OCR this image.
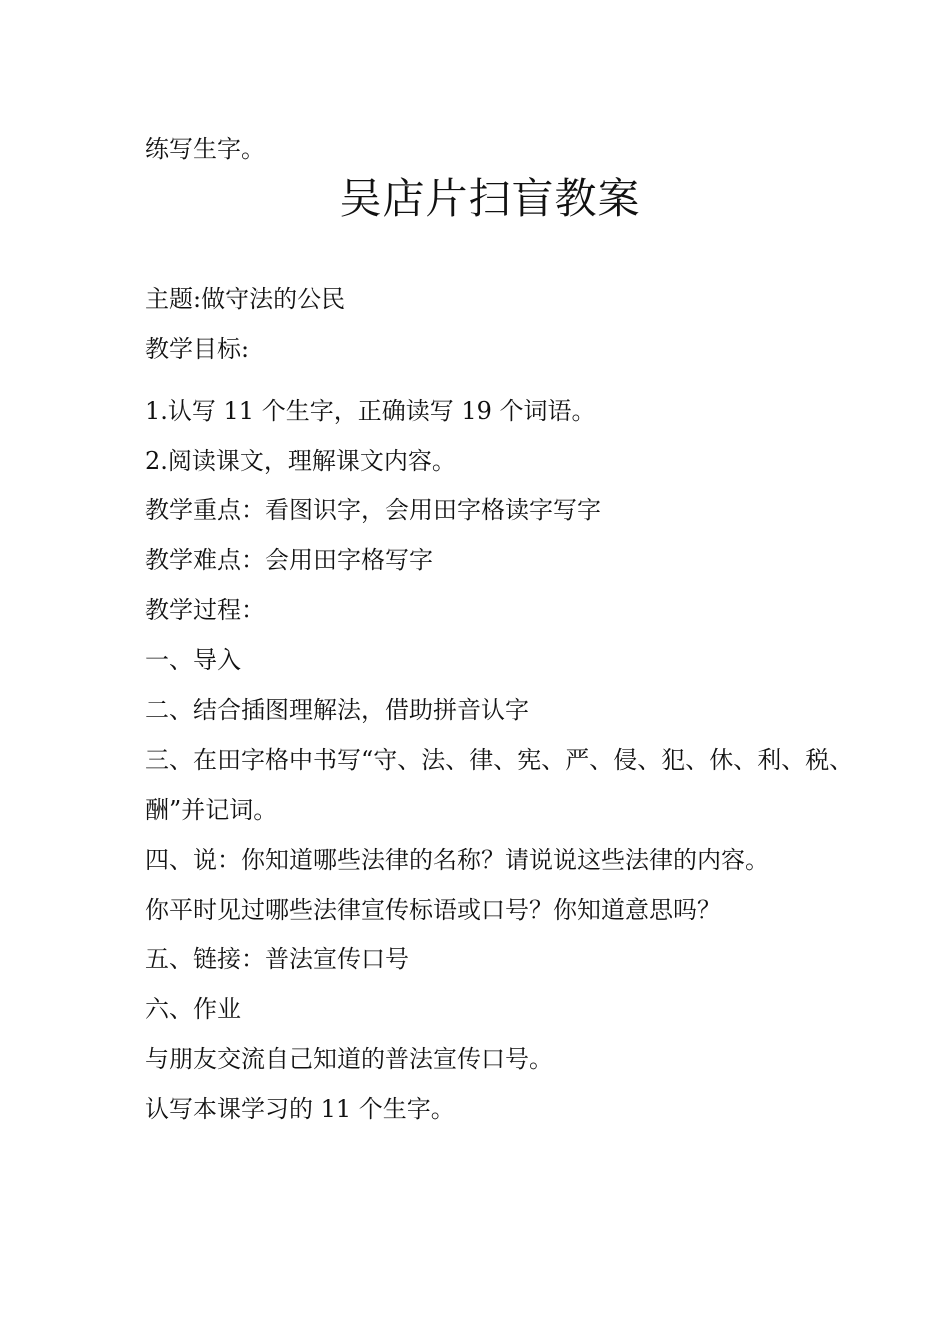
练写生字。
吴店片扫盲教案
主题:做守法的公民
教学目标:
1.认写 11 个生字，正确读写 19 个词语。
2.阅读课文，理解课文内容。
教学重点：看图识字，会用田字格读字写字
教学难点：会用田字格写字
教学过程：
一、导入
二、结合插图理解法，借助拼音认字
三、在田字格中书写“守、法、律、宪、严、侵、犯、休、利、税、
酬”并记词。
四、说：你知道哪些法律的名称？请说说这些法律的内容。
你平时见过哪些法律宣传标语或口号？你知道意思吗？
五、链接：普法宣传口号
六、作业
与朋友交流自己知道的普法宣传口号。
认写本课学习的 11 个生字。
